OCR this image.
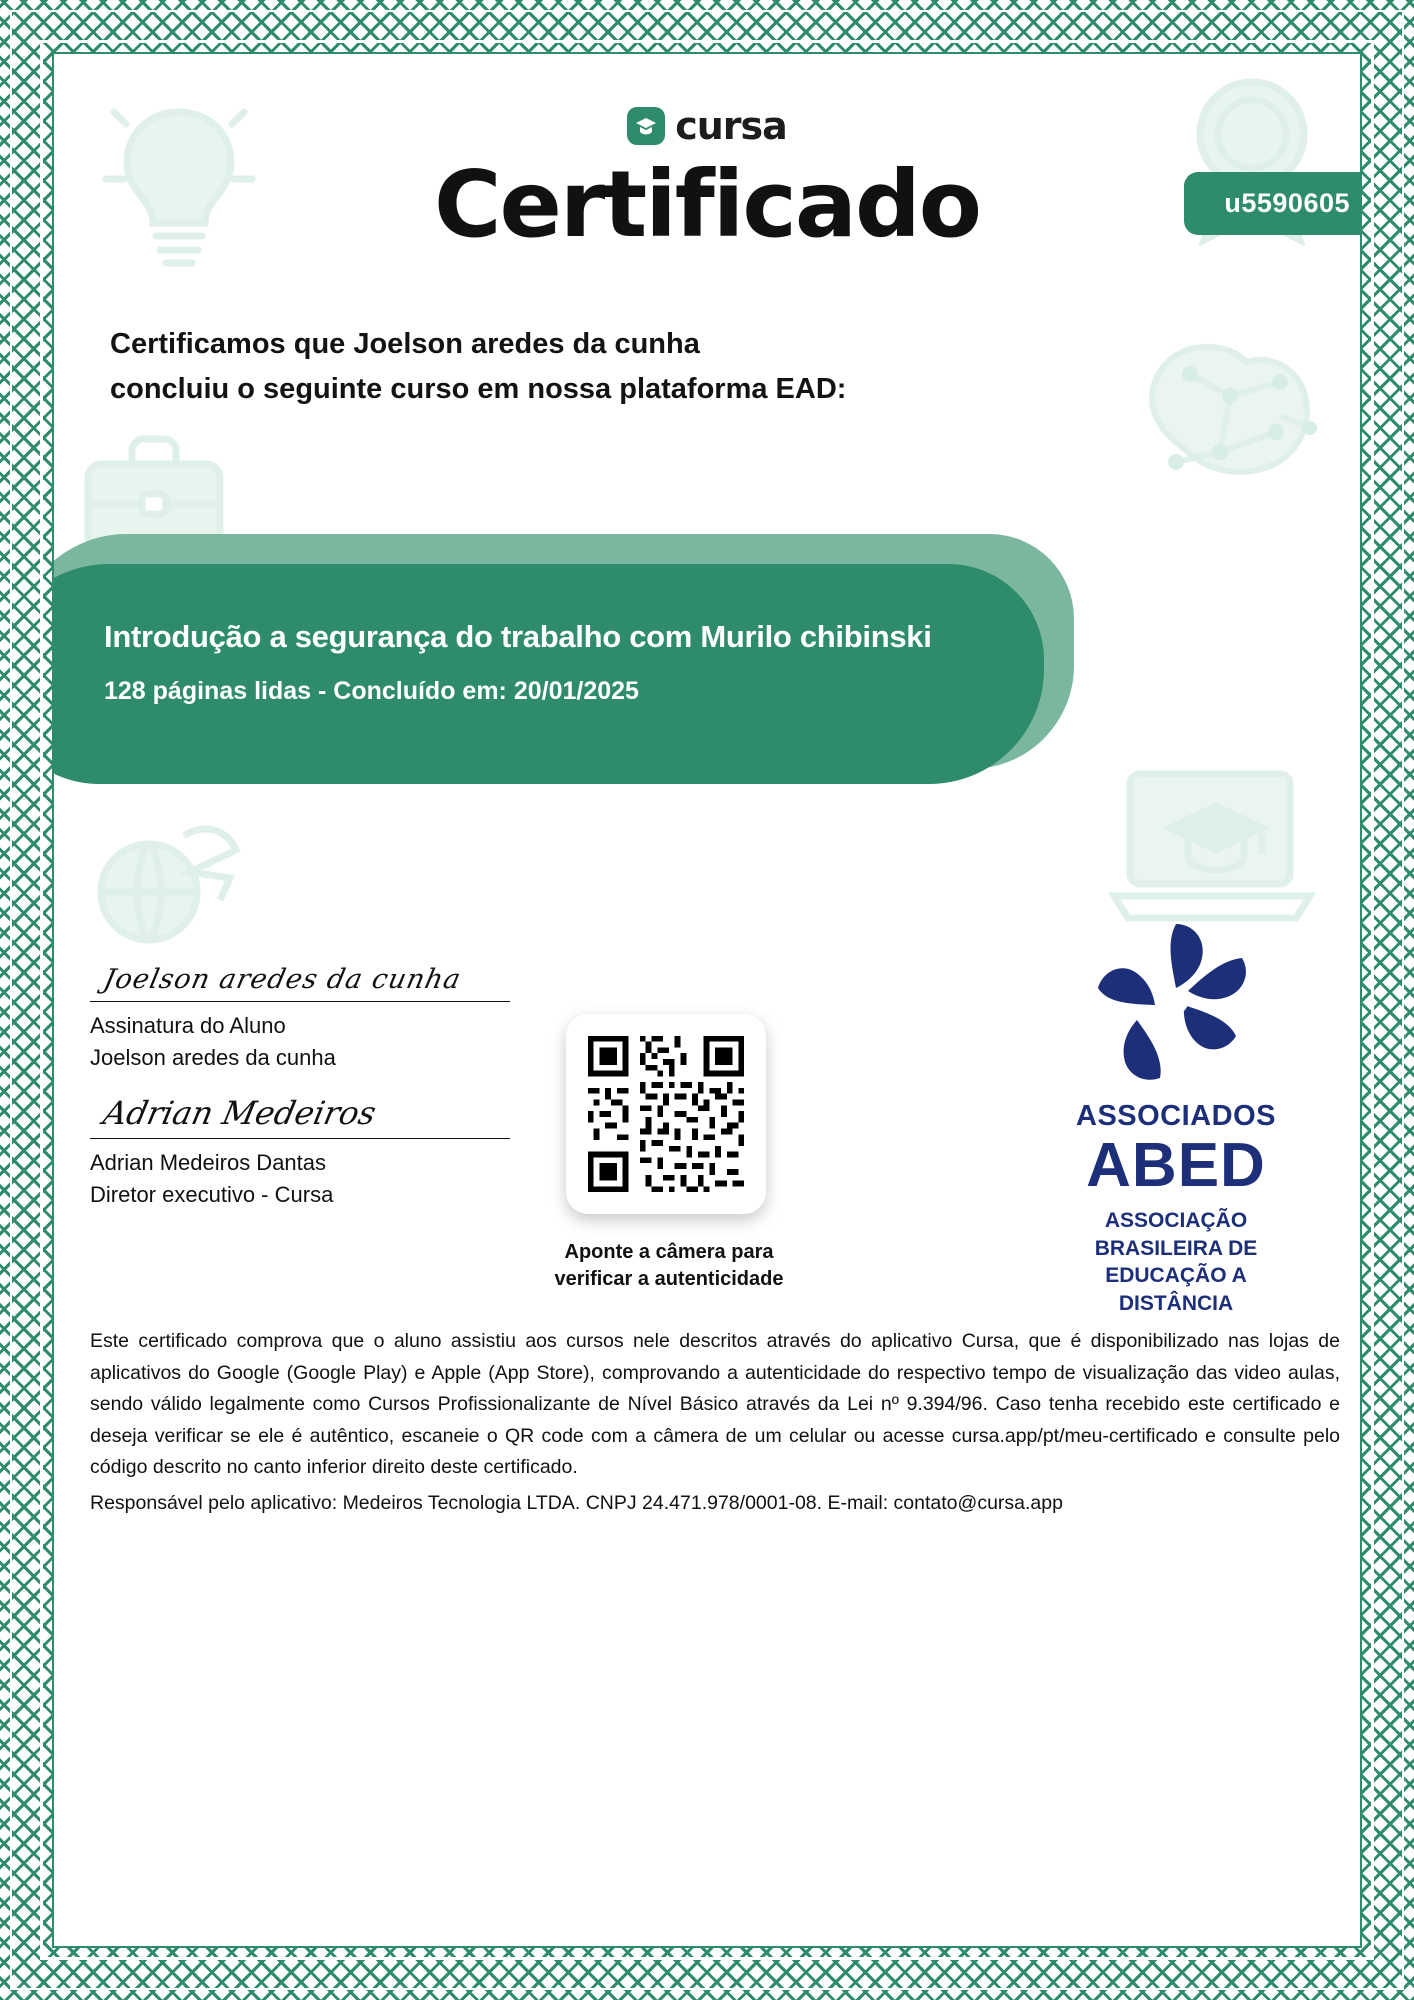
cursa
Certificado	u5590605
Certificamos que Joelson aredes da cunha
concluiu o seguinte curso em nossa plataforma EAD:
Introdução a segurança do trabalho com Murilo chibinski
128 páginas lidas - Concluído em: 20/01/2025
Joelson aredes da cunha
Assinatura do Aluno
Joelson aredes da cunha
Adrian Medeiros
Adrian Medeiros Dantas
Diretor executivo - Cursa
Aponte a câmera para
verificar a autenticidade
ASSOCIADOS
ABED
ASSOCIAÇÃO
BRASILEIRA DE
EDUCAÇÃO A
DISTÂNCIA
Este certificado comprova que o aluno assistiu aos cursos nele descritos através do aplicativo Cursa, que é disponibilizado nas lojas de aplicativos do Google (Google Play) e Apple (App Store), comprovando a autenticidade do respectivo tempo de visualização das video aulas, sendo válido legalmente como Cursos Profissionalizante de Nível Básico através da Lei nº 9.394/96. Caso tenha recebido este certificado e deseja verificar se ele é autêntico, escaneie o QR code com a câmera de um celular ou acesse cursa.app/pt/meu-certificado e consulte pelo código descrito no canto inferior direito deste certificado.
Responsável pelo aplicativo: Medeiros Tecnologia LTDA. CNPJ 24.471.978/0001-08. E-mail: contato@cursa.app
